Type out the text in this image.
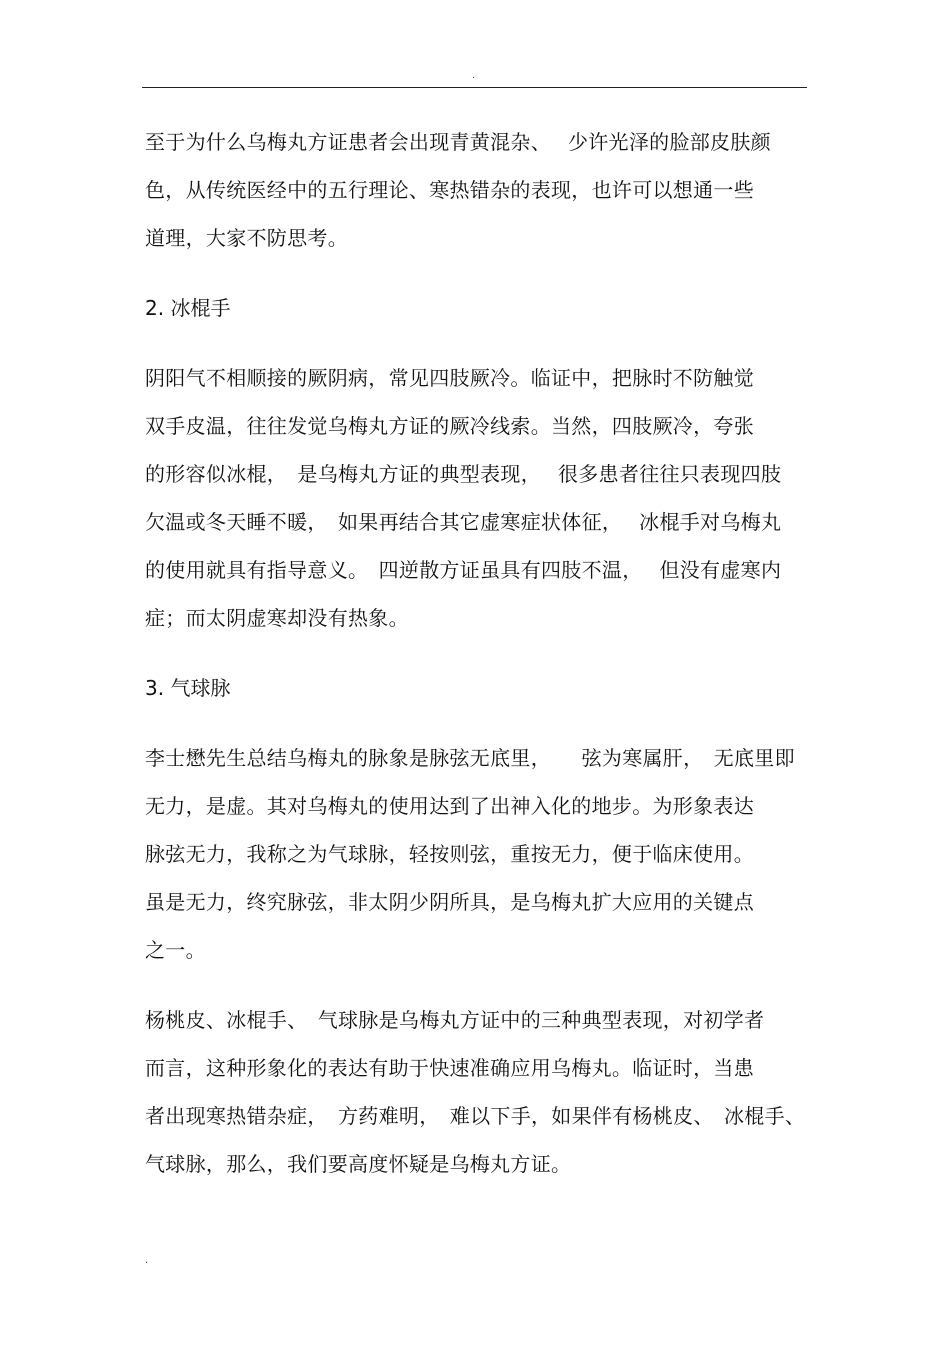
.
至于为什么乌梅丸方证患者会出现青黄混杂、　 少许光泽的脸部皮肤颜
色，从传统医经中的五行理论、寒热错杂的表现，也许可以想通一些
道理，大家不防思考。
2. 冰棍手
阴阳气不相顺接的厥阴病，常见四肢厥冷。临证中，把脉时不防触觉
双手皮温，往往发觉乌梅丸方证的厥冷线索。当然，四肢厥冷，夸张
的形容似冰棍，　是乌梅丸方证的典型表现，　 很多患者往往只表现四肢
欠温或冬天睡不暖，　如果再结合其它虚寒症状体征，　 冰棍手对乌梅丸
的使用就具有指导意义。　四逆散方证虽具有四肢不温，　 但没有虚寒内
症；而太阴虚寒却没有热象。
3. 气球脉
李士懋先生总结乌梅丸的脉象是脉弦无底里，　　弦为寒属肝，　无底里即
无力，是虚。其对乌梅丸的使用达到了出神入化的地步。为形象表达
脉弦无力，我称之为气球脉，轻按则弦，重按无力，便于临床使用。
虽是无力，终究脉弦，非太阴少阴所具，是乌梅丸扩大应用的关键点
之一。
杨桃皮、冰棍手、　气球脉是乌梅丸方证中的三种典型表现，对初学者
而言，这种形象化的表达有助于快速准确应用乌梅丸。临证时，当患
者出现寒热错杂症，　方药难明，　难以下手，如果伴有杨桃皮、　冰棍手、
气球脉，那么，我们要高度怀疑是乌梅丸方证。
.
